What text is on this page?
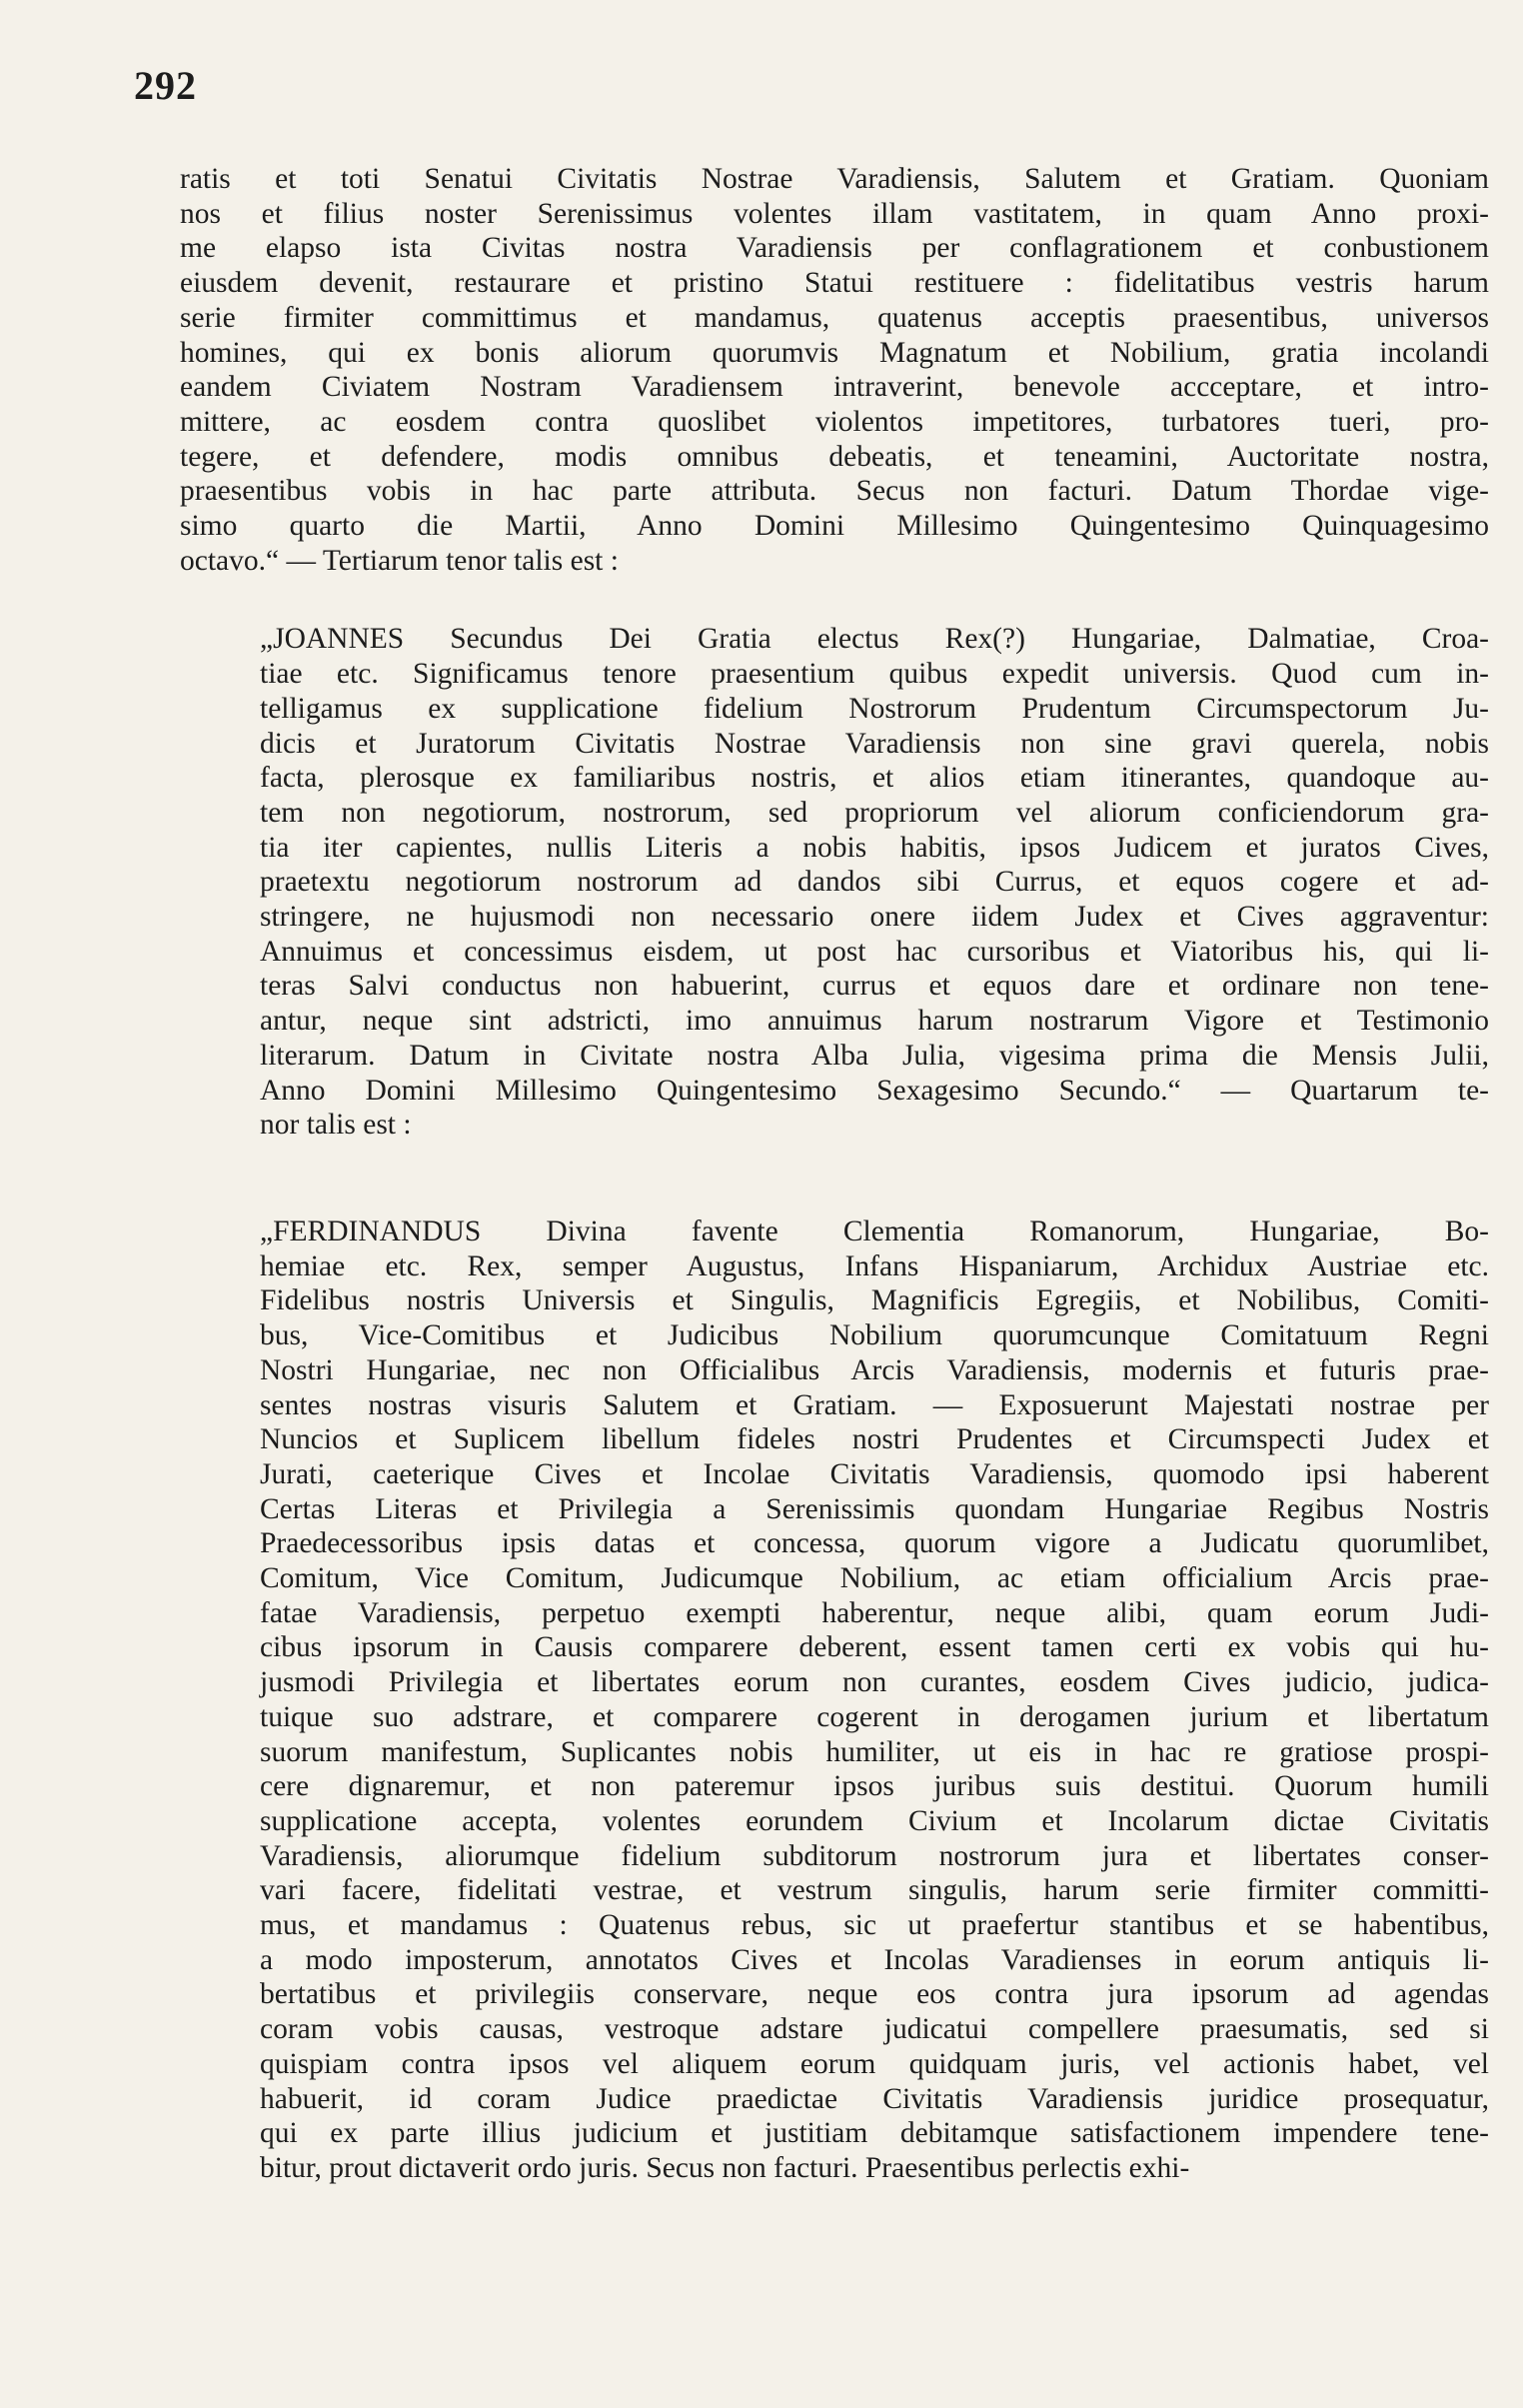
292

ratis et toti Senatui Civitatis Nostrae Varadiensis, Salutem et Gratiam. Quoniam
nos et filius noster Serenissimus volentes illam vastitatem, in quam Anno proxi-
me elapso ista Civitas nostra Varadiensis per conflagrationem et conbustionem
eiusdem devenit, restaurare et pristino Statui restituere : fidelitatibus vestris harum
serie firmiter committimus et mandamus, quatenus acceptis praesentibus, universos
homines, qui ex bonis aliorum quorumvis Magnatum et Nobilium, gratia incolandi
eandem Civiatem Nostram Varadiensem intraverint, benevole accceptare, et intro-
mittere, ac eosdem contra quoslibet violentos impetitores, turbatores tueri, pro-
tegere, et defendere, modis omnibus debeatis, et teneamini, Auctoritate nostra,
praesentibus vobis in hac parte attributa. Secus non facturi. Datum Thordae vige-
simo quarto die Martii, Anno Domini Millesimo Quingentesimo Quinquagesimo
octavo.“ — Tertiarum tenor talis est :

„JOANNES Secundus Dei Gratia electus Rex(?) Hungariae, Dalmatiae, Croa-
tiae etc. Significamus tenore praesentium quibus expedit universis. Quod cum in-
telligamus ex supplicatione fidelium Nostrorum Prudentum Circumspectorum Ju-
dicis et Juratorum Civitatis Nostrae Varadiensis non sine gravi querela, nobis
facta, plerosque ex familiaribus nostris, et alios etiam itinerantes, quandoque au-
tem non negotiorum, nostrorum, sed propriorum vel aliorum conficiendorum gra-
tia iter capientes, nullis Literis a nobis habitis, ipsos Judicem et juratos Cives,
praetextu negotiorum nostrorum ad dandos sibi Currus, et equos cogere et ad-
stringere, ne hujusmodi non necessario onere iidem Judex et Cives aggraventur:
Annuimus et concessimus eisdem, ut post hac cursoribus et Viatoribus his, qui li-
teras Salvi conductus non habuerint, currus et equos dare et ordinare non tene-
antur, neque sint adstricti, imo annuimus harum nostrarum Vigore et Testimonio
literarum. Datum in Civitate nostra Alba Julia, vigesima prima die Mensis Julii,
Anno Domini Millesimo Quingentesimo Sexagesimo Secundo.“ — Quartarum te-
nor talis est :

„FERDINANDUS Divina favente Clementia Romanorum, Hungariae, Bo-
hemiae etc. Rex, semper Augustus, Infans Hispaniarum, Archidux Austriae etc.
Fidelibus nostris Universis et Singulis, Magnificis Egregiis, et Nobilibus, Comiti-
bus, Vice-Comitibus et Judicibus Nobilium quorumcunque Comitatuum Regni
Nostri Hungariae, nec non Officialibus Arcis Varadiensis, modernis et futuris prae-
sentes nostras visuris Salutem et Gratiam. — Exposuerunt Majestati nostrae per
Nuncios et Suplicem libellum fideles nostri Prudentes et Circumspecti Judex et
Jurati, caeterique Cives et Incolae Civitatis Varadiensis, quomodo ipsi haberent
Certas Literas et Privilegia a Serenissimis quondam Hungariae Regibus Nostris
Praedecessoribus ipsis datas et concessa, quorum vigore a Judicatu quorumlibet,
Comitum, Vice Comitum, Judicumque Nobilium, ac etiam officialium Arcis prae-
fatae Varadiensis, perpetuo exempti haberentur, neque alibi, quam eorum Judi-
cibus ipsorum in Causis comparere deberent, essent tamen certi ex vobis qui hu-
jusmodi Privilegia et libertates eorum non curantes, eosdem Cives judicio, judica-
tuique suo adstrare, et comparere cogerent in derogamen jurium et libertatum
suorum manifestum, Suplicantes nobis humiliter, ut eis in hac re gratiose prospi-
cere dignaremur, et non pateremur ipsos juribus suis destitui. Quorum humili
supplicatione accepta, volentes eorundem Civium et Incolarum dictae Civitatis
Varadiensis, aliorumque fidelium subditorum nostrorum jura et libertates conser-
vari facere, fidelitati vestrae, et vestrum singulis, harum serie firmiter committi-
mus, et mandamus : Quatenus rebus, sic ut praefertur stantibus et se habentibus,
a modo imposterum, annotatos Cives et Incolas Varadienses in eorum antiquis li-
bertatibus et privilegiis conservare, neque eos contra jura ipsorum ad agendas
coram vobis causas, vestroque adstare judicatui compellere praesumatis, sed si
quispiam contra ipsos vel aliquem eorum quidquam juris, vel actionis habet, vel
habuerit, id coram Judice praedictae Civitatis Varadiensis juridice prosequatur,
qui ex parte illius judicium et justitiam debitamque satisfactionem impendere tene-
bitur, prout dictaverit ordo juris. Secus non facturi. Praesentibus perlectis exhi-
